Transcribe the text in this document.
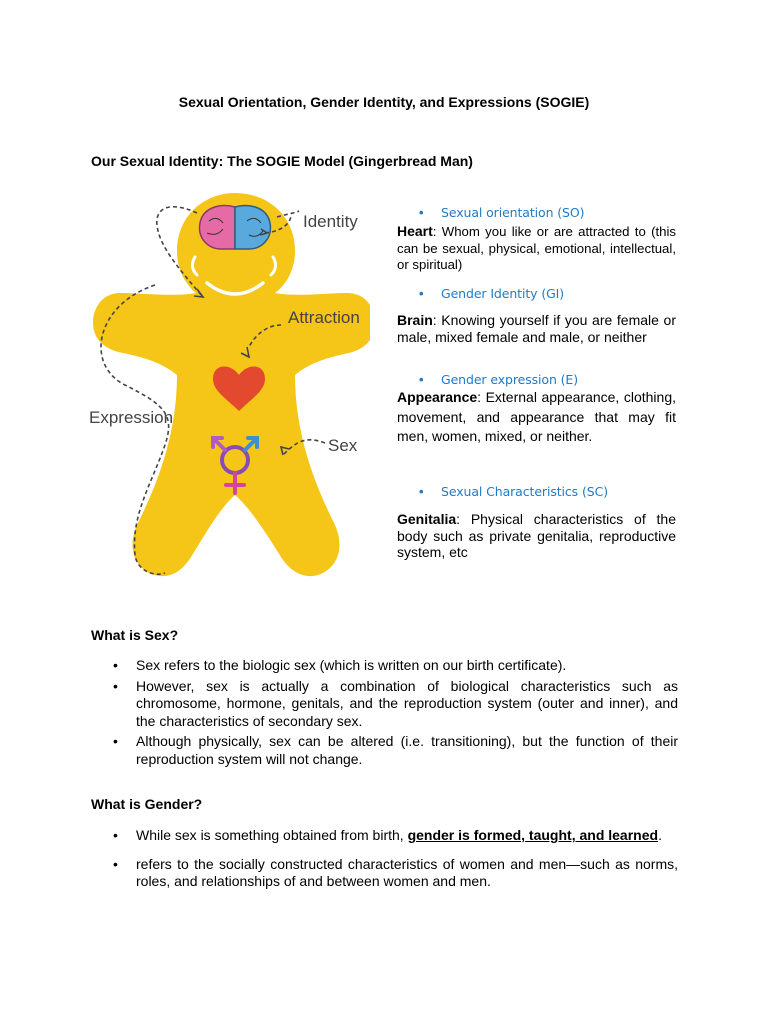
Sexual Orientation, Gender Identity, and Expressions (SOGIE)
Our Sexual Identity: The SOGIE Model (Gingerbread Man)
Identity
Attraction
Expression
Sex
• Sexual orientation (SO)
Heart: Whom you like or are attracted to (this can be sexual, physical, emotional, intellectual, or spiritual)
• Gender Identity (GI)
Brain: Knowing yourself if you are female or male, mixed female and male, or neither
• Gender expression (E)
Appearance: External appearance, clothing, movement, and appearance that may fit men, women, mixed, or neither.
• Sexual Characteristics (SC)
Genitalia: Physical characteristics of the body such as private genitalia, reproductive system, etc
What is Sex?
• Sex refers to the biologic sex (which is written on our birth certificate).
• However, sex is actually a combination of biological characteristics such as chromosome, hormone, genitals, and the reproduction system (outer and inner), and the characteristics of secondary sex.
• Although physically, sex can be altered (i.e. transitioning), but the function of their reproduction system will not change.
What is Gender?
• While sex is something obtained from birth, gender is formed, taught, and learned.
• refers to the socially constructed characteristics of women and men—such as norms, roles, and relationships of and between women and men.
